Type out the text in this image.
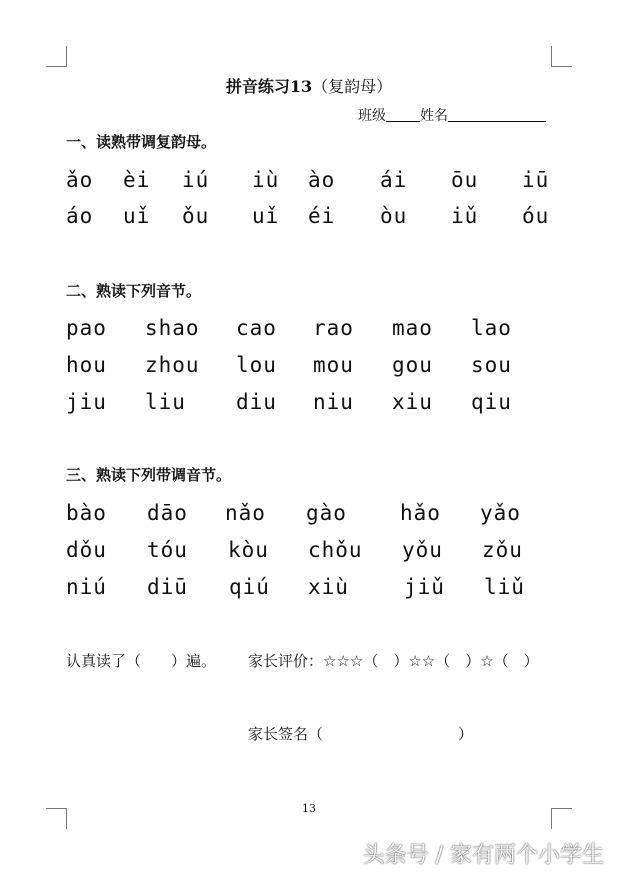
拼音练习13（复韵母）
班级 姓名
一、读熟带调复韵母。
ǎo èi iú iù ào ái ōu iū
áo uǐ ǒu uǐ éi òu iǔ óu
二、熟读下列音节。
pao shao cao rao mao lao
hou zhou lou mou gou sou
jiu liu diu niu xiu qiu
三、熟读下列带调音节。
bào dāo nǎo gào	hǎo yǎo
dǒu tóu kòu chǒu yǒu zǒu
niú diū qiú xiù	jiǔ liǔ
认真读了（　　）遍。 家长评价：☆☆☆（　）☆☆（　）☆（　）
家长签名（　　　　　　　　　）
13
头条号 / 家有两个小学生
